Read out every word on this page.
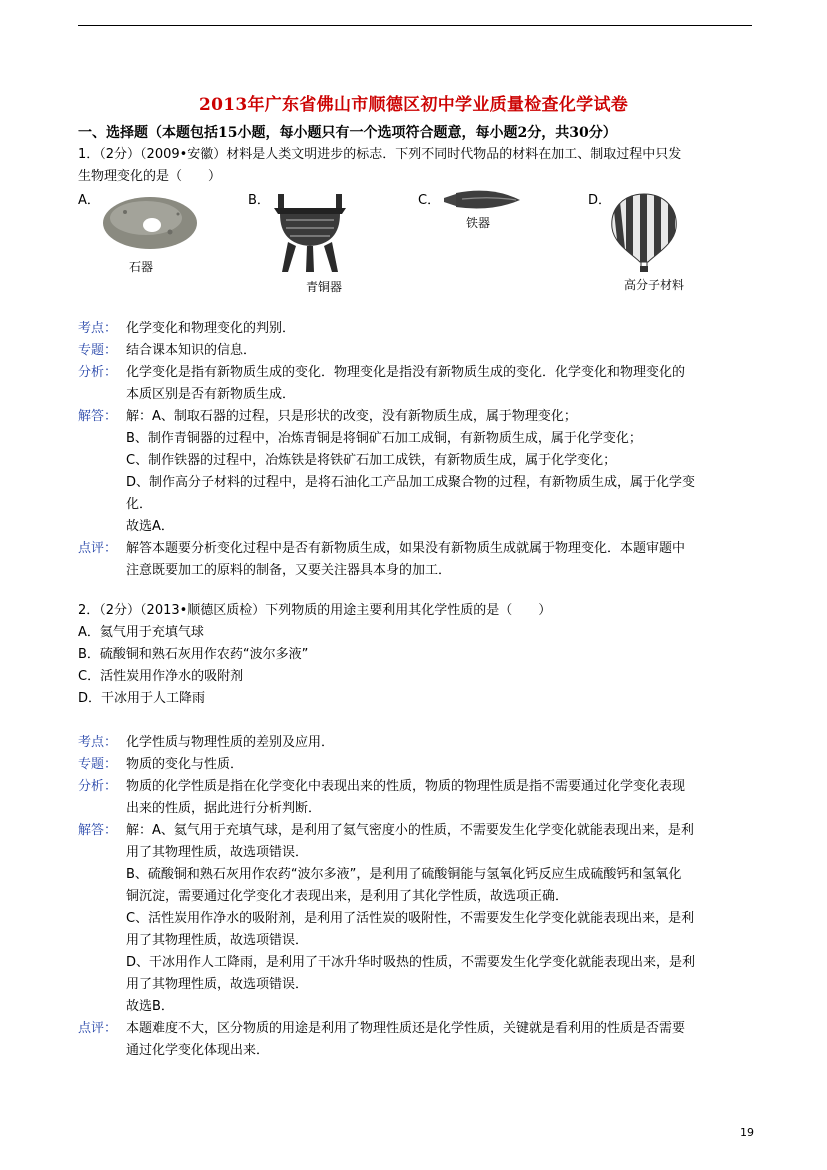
2013年广东省佛山市顺德区初中学业质量检查化学试卷
一、选择题（本题包括15小题，每小题只有一个选项符合题意，每小题2分，共30分）
1．（2分）（2009•安徽）材料是人类文明进步的标志．下列不同时代物品的材料在加工、制取过程中只发
生物理变化的是（　　）
A．
石器
B．
青铜器
C．
铁器
D．
高分子材料
考点： 化学变化和物理变化的判别．
专题： 结合课本知识的信息．
分析： 化学变化是指有新物质生成的变化．物理变化是指没有新物质生成的变化．化学变化和物理变化的
本质区别是否有新物质生成．
解答： 解：A、制取石器的过程，只是形状的改变，没有新物质生成，属于物理变化；
B、制作青铜器的过程中，冶炼青铜是将铜矿石加工成铜，有新物质生成，属于化学变化；
C、制作铁器的过程中，冶炼铁是将铁矿石加工成铁，有新物质生成，属于化学变化；
D、制作高分子材料的过程中，是将石油化工产品加工成聚合物的过程，有新物质生成，属于化学变
化．
故选A．
点评： 解答本题要分析变化过程中是否有新物质生成，如果没有新物质生成就属于物理变化．本题审题中
注意既要加工的原料的制备，又要关注器具本身的加工．
2．（2分）（2013•顺德区质检）下列物质的用途主要利用其化学性质的是（　　）
A．氦气用于充填气球
B．硫酸铜和熟石灰用作农药“波尔多液”
C．活性炭用作净水的吸附剂
D．干冰用于人工降雨
考点： 化学性质与物理性质的差别及应用．
专题： 物质的变化与性质．
分析： 物质的化学性质是指在化学变化中表现出来的性质，物质的物理性质是指不需要通过化学变化表现
出来的性质，据此进行分析判断．
解答： 解：A、氦气用于充填气球，是利用了氦气密度小的性质，不需要发生化学变化就能表现出来，是利
用了其物理性质，故选项错误．
B、硫酸铜和熟石灰用作农药“波尔多液”，是利用了硫酸铜能与氢氧化钙反应生成硫酸钙和氢氧化
铜沉淀，需要通过化学变化才表现出来，是利用了其化学性质，故选项正确．
C、活性炭用作净水的吸附剂，是利用了活性炭的吸附性，不需要发生化学变化就能表现出来，是利
用了其物理性质，故选项错误．
D、干冰用作人工降雨，是利用了干冰升华时吸热的性质，不需要发生化学变化就能表现出来，是利
用了其物理性质，故选项错误．
故选B．
点评： 本题难度不大，区分物质的用途是利用了物理性质还是化学性质，关键就是看利用的性质是否需要
通过化学变化体现出来．
19
